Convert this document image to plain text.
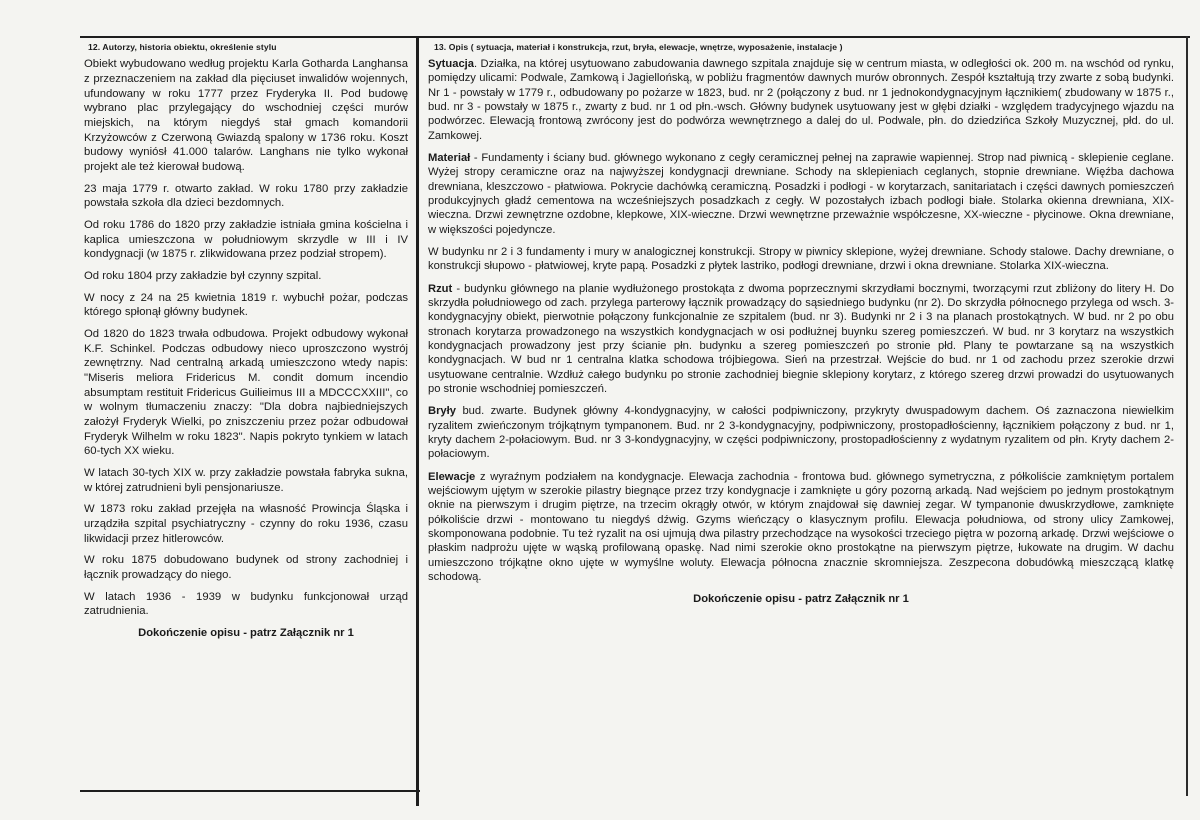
12. Autorzy, historia obiektu, określenie stylu

Obiekt wybudowano według projektu Karla Gotharda Langhansa z przeznaczeniem na zakład dla pięciuset inwalidów wojennych, ufundowany w roku 1777 przez Fryderyka II. Pod budowę wybrano plac przylegający do wschodniej części murów miejskich, na którym niegdyś stał gmach komandorii Krzyżowców z Czerwoną Gwiazdą spalony w 1736 roku. Koszt budowy wyniósł 41.000 talarów. Langhans nie tylko wykonał projekt ale też kierował budową.

23 maja 1779 r. otwarto zakład. W roku 1780 przy zakładzie powstała szkoła dla dzieci bezdomnych.

Od roku 1786 do 1820 przy zakładzie istniała gmina kościelna i kaplica umieszczona w południowym skrzydle w III i IV kondygnacji (w 1875 r. zlikwidowana przez podział stropem).

Od roku 1804 przy zakładzie był czynny szpital.

W nocy z 24 na 25 kwietnia 1819 r. wybuchł pożar, podczas którego spłonął główny budynek.

Od 1820 do 1823 trwała odbudowa. Projekt odbudowy wykonał K.F. Schinkel. Podczas odbudowy nieco uproszczono wystrój zewnętrzny. Nad centralną arkadą umieszczono wtedy napis: "Miseris meliora Fridericus M. condit domum incendio absumptam restituit Fridericus Guilieimus III a MDCCCXXIII", co w wolnym tłumaczeniu znaczy: "Dla dobra najbiedniejszych założył Fryderyk Wielki, po zniszczeniu przez pożar odbudował Fryderyk Wilhelm w roku 1823". Napis pokryto tynkiem w latach 60-tych XX wieku.

W latach 30-tych XIX w. przy zakładzie powstała fabryka sukna, w której zatrudnieni byli pensjonariusze.

W 1873 roku zakład przejęła na własność Prowincja Śląska i urządziła szpital psychiatryczny - czynny do roku 1936, czasu likwidacji przez hitlerowców.

W roku 1875 dobudowano budynek od strony zachodniej i łącznik prowadzący do niego.

W latach 1936 - 1939 w budynku funkcjonował urząd zatrudnienia.

Dokończenie opisu - patrz Załącznik nr 1
13. Opis ( sytuacja, materiał i konstrukcja, rzut, bryła, elewacje, wnętrze, wyposażenie, instalacje )

Sytuacja. Działka, na której usytuowano zabudowania dawnego szpitala znajduje się w centrum miasta, w odległości ok. 200 m. na wschód od rynku, pomiędzy ulicami: Podwale, Zamkową i Jagiellońską, w pobliżu fragmentów dawnych murów obronnych. Zespół kształtują trzy zwarte z sobą budynki. Nr 1 - powstały w 1779 r., odbudowany po pożarze w 1823, bud. nr 2 (połączony z bud. nr 1 jednokondygnacyjnym łącznikiem( zbudowany w 1875 r., bud. nr 3 - powstały w 1875 r., zwarty z bud. nr 1 od płn.-wsch. Główny budynek usytuowany jest w głębi działki - względem tradycyjnego wjazdu na podwórzec. Elewacją frontową zwrócony jest do podwórza wewnętrznego a dalej do ul. Podwale, płn. do dziedzińca Szkoły Muzycznej, płd. do ul. Zamkowej.

Materiał - Fundamenty i ściany bud. głównego wykonano z cegły ceramicznej pełnej na zaprawie wapiennej. Strop nad piwnicą - sklepienie ceglane. Wyżej stropy ceramiczne oraz na najwyższej kondygnacji drewniane. Schody na sklepieniach ceglanych, stopnie drewniane. Więźba dachowa drewniana, kleszczowo - płatwiowa. Pokrycie dachówką ceramiczną. Posadzki i podłogi - w korytarzach, sanitariatach i części dawnych pomieszczeń produkcyjnych gładź cementowa na wcześniejszych posadzkach z cegły. W pozostałych izbach podłogi białe. Stolarka okienna drewniana, XIX-wieczna. Drzwi zewnętrzne ozdobne, klepkowe, XIX-wieczne. Drzwi wewnętrzne przeważnie współczesne, XX-wieczne - płycinowe. Okna drewniane, w większości pojedyncze.

W budynku nr 2 i 3 fundamenty i mury w analogicznej konstrukcji. Stropy w piwnicy sklepione, wyżej drewniane. Schody stalowe. Dachy drewniane, o konstrukcji słupowo - płatwiowej, kryte papą. Posadzki z płytek lastriko, podłogi drewniane, drzwi i okna drewniane. Stolarka XIX-wieczna.

Rzut - budynku głównego na planie wydłużonego prostokąta z dwoma poprzecznymi skrzydłami bocznymi, tworzącymi rzut zbliżony do litery H. Do skrzydła południowego od zach. przylega parterowy łącznik prowadzący do sąsiedniego budynku (nr 2). Do skrzydła północnego przylega od wsch. 3-kondygnacyjny obiekt, pierwotnie połączony funkcjonalnie ze szpitalem (bud. nr 3). Budynki nr 2 i 3 na planach prostokątnych. W bud. nr 2 po obu stronach korytarza prowadzonego na wszystkich kondygnacjach w osi podłużnej buynku szereg pomieszczeń. W bud. nr 3 korytarz na wszystkich kondygnacjach prowadzony jest przy ścianie płn. budynku a szereg pomieszczeń po stronie płd. Plany te powtarzane są na wszystkich kondygnacjach. W bud nr 1 centralna klatka schodowa trójbiegowa. Sień na przestrzał. Wejście do bud. nr 1 od zachodu przez szerokie drzwi usytuowane centralnie. Wzdłuż całego budynku po stronie zachodniej biegnie sklepiony korytarz, z którego szereg drzwi prowadzi do usytuowanych po stronie wschodniej pomieszczeń.

Bryły bud. zwarte. Budynek główny 4-kondygnacyjny, w całości podpiwniczony, przykryty dwuspadowym dachem. Oś zaznaczona niewielkim ryzalitem zwieńczonym trójkątnym tympanonem. Bud. nr 2 3-kondygnacyjny, podpiwniczony, prostopadłościenny, łącznikiem połączony z bud. nr 1, kryty dachem 2-połaciowym. Bud. nr 3 3-kondygnacyjny, w części podpiwniczony, prostopadłościenny z wydatnym ryzalitem od płn. Kryty dachem 2-połaciowym.

Elewacje z wyraźnym podziałem na kondygnacje. Elewacja zachodnia - frontowa bud. głównego symetryczna, z półkoliście zamkniętym portalem wejściowym ujętym w szerokie pilastry biegnące przez trzy kondygnacje i zamknięte u góry pozorną arkadą. Nad wejściem po jednym prostokątnym oknie na pierwszym i drugim piętrze, na trzecim okrągły otwór, w którym znajdował się dawniej zegar. W tympanonie dwuskrzydłowe, zamknięte półkoliście drzwi - montowano tu niegdyś dźwig. Gzyms wieńczący o klasycznym profilu. Elewacja południowa, od strony ulicy Zamkowej, skomponowana podobnie. Tu też ryzalit na osi ujmują dwa pilastry przechodzące na wysokości trzeciego piętra w pozorną arkadę. Drzwi wejściowe o płaskim nadprożu ujęte w wąską profilowaną opaskę. Nad nimi szerokie okno prostokątne na pierwszym piętrze, łukowate na drugim. W dachu umieszczono trójkątne okno ujęte w wymyślne woluty. Elewacja północna znacznie skromniejsza. Zeszpecona dobudówką mieszczącą klatkę schodową.

Dokończenie opisu - patrz Załącznik nr 1
